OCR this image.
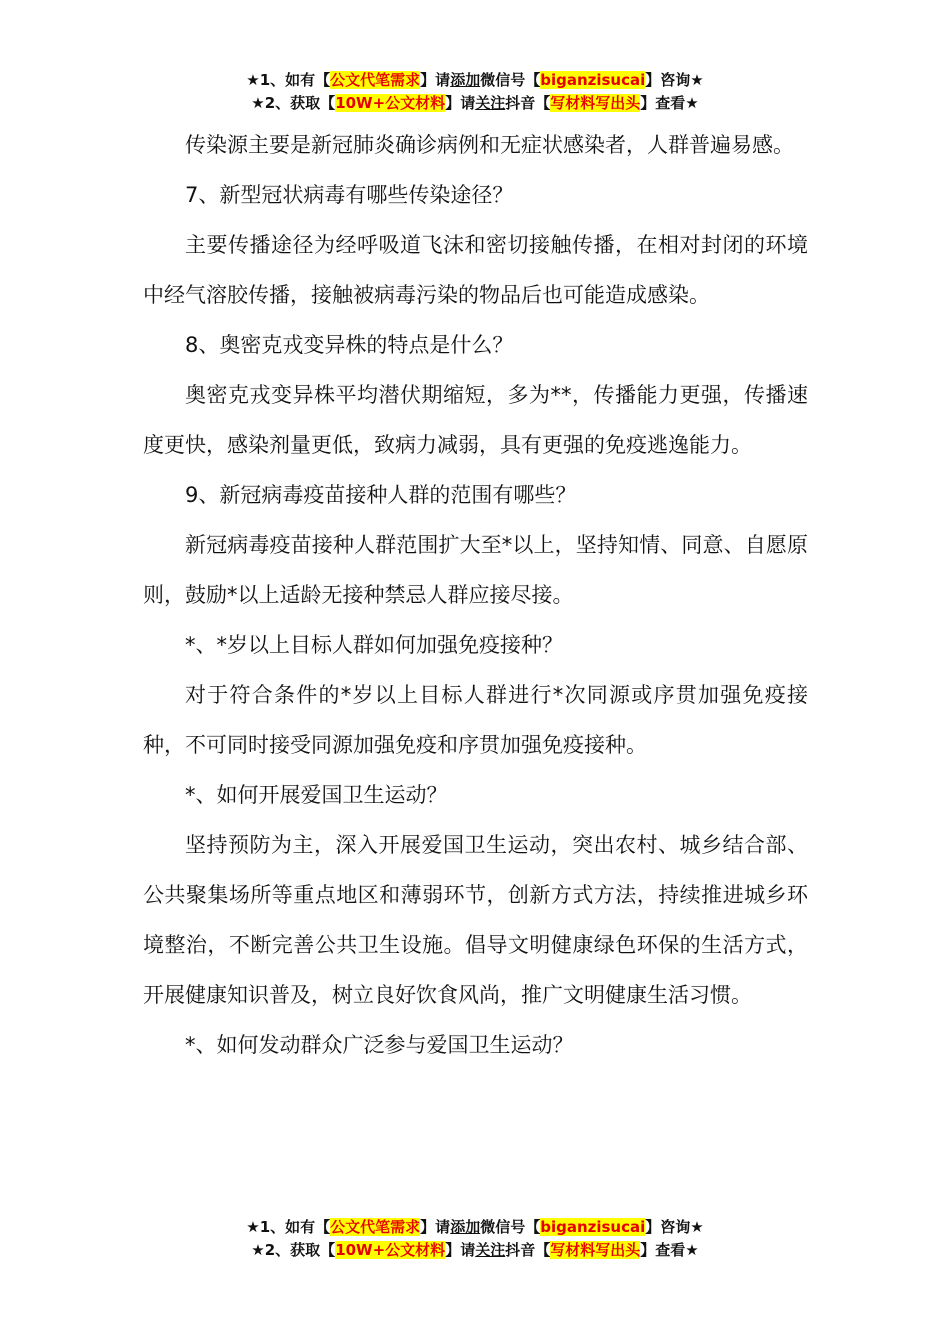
★1、如有【公文代笔需求】请添加微信号【biganzisucai】咨询★
★2、获取【10W+公文材料】请关注抖音【写材料写出头】查看★

传染源主要是新冠肺炎确诊病例和无症状感染者，人群普遍易感。

7、新型冠状病毒有哪些传染途径？

主要传播途径为经呼吸道飞沫和密切接触传播，在相对封闭的环境中经气溶胶传播，接触被病毒污染的物品后也可能造成感染。

8、奥密克戎变异株的特点是什么？

奥密克戎变异株平均潜伏期缩短，多为**，传播能力更强，传播速度更快，感染剂量更低，致病力减弱，具有更强的免疫逃逸能力。

9、新冠病毒疫苗接种人群的范围有哪些？

新冠病毒疫苗接种人群范围扩大至*以上，坚持知情、同意、自愿原则，鼓励*以上适龄无接种禁忌人群应接尽接。

*、*岁以上目标人群如何加强免疫接种？

对于符合条件的*岁以上目标人群进行*次同源或序贯加强免疫接种，不可同时接受同源加强免疫和序贯加强免疫接种。

*、如何开展爱国卫生运动？

坚持预防为主，深入开展爱国卫生运动，突出农村、城乡结合部、公共聚集场所等重点地区和薄弱环节，创新方式方法，持续推进城乡环境整治，不断完善公共卫生设施。倡导文明健康绿色环保的生活方式，开展健康知识普及，树立良好饮食风尚，推广文明健康生活习惯。

*、如何发动群众广泛参与爱国卫生运动？

★1、如有【公文代笔需求】请添加微信号【biganzisucai】咨询★
★2、获取【10W+公文材料】请关注抖音【写材料写出头】查看★
